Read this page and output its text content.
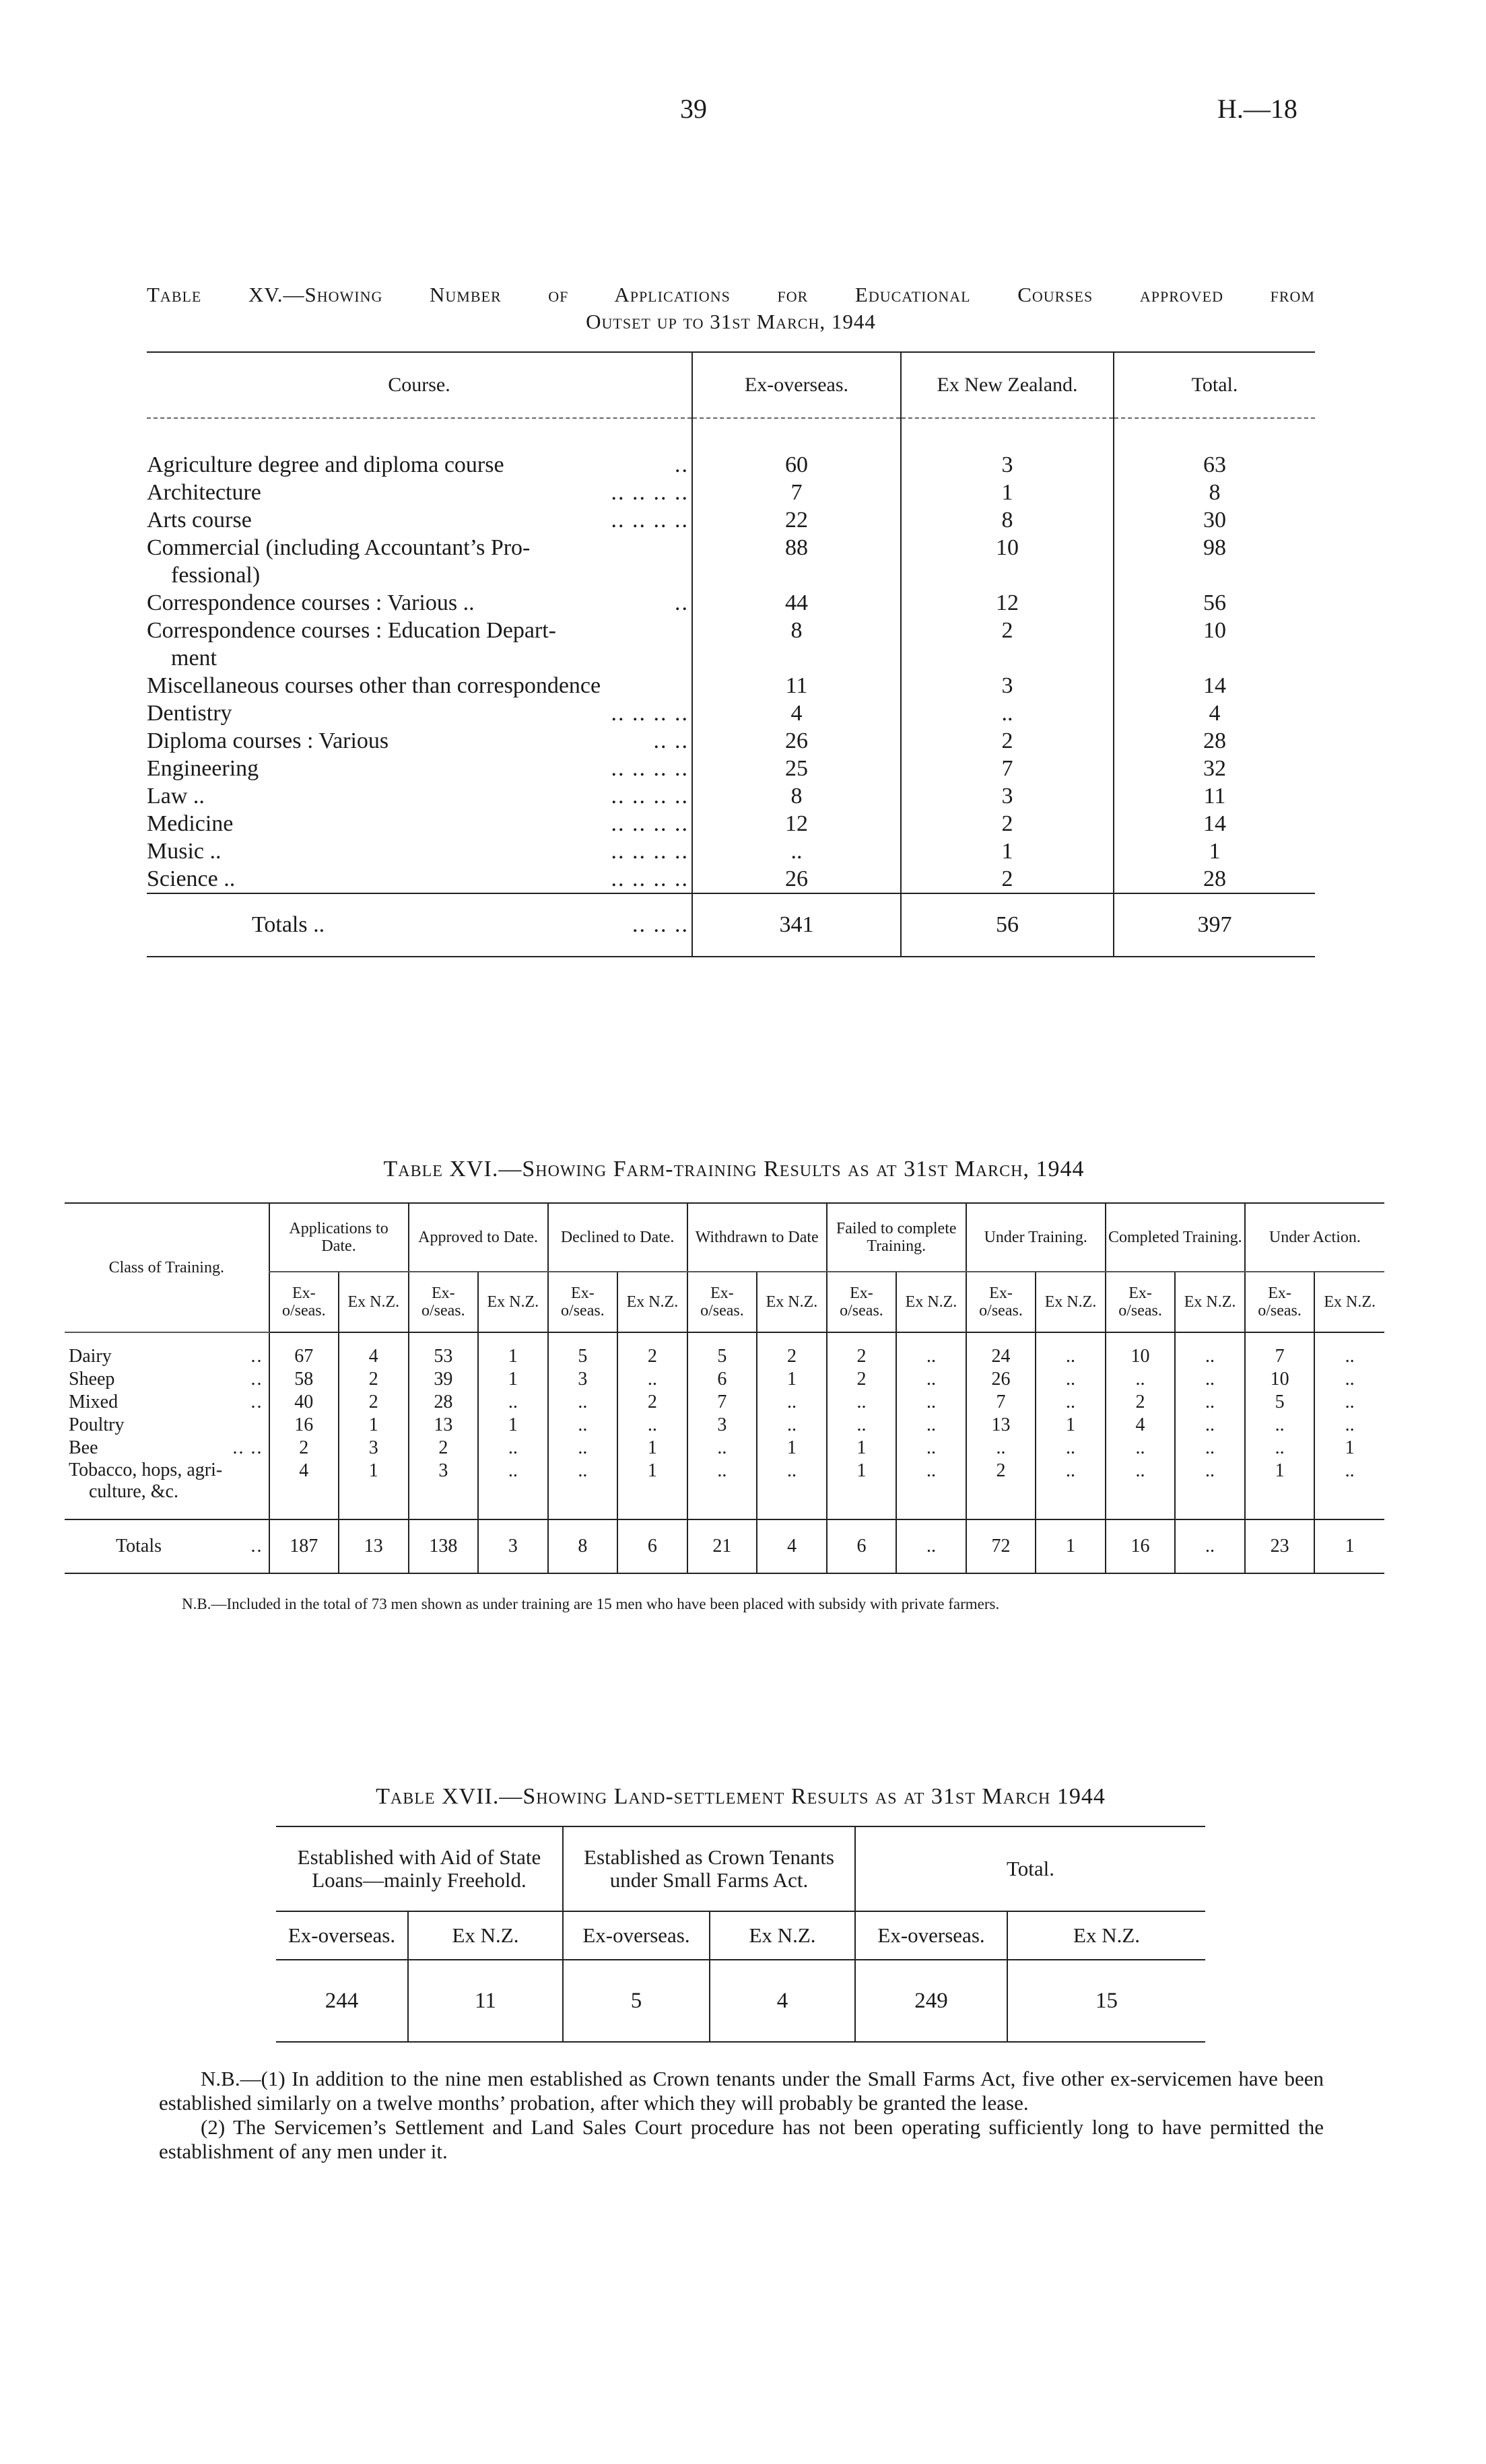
39	H.—18
Table XV.—Showing Number of Applications for Educational Courses approved from
Outset up to 31st March, 1944
Course.	Ex-overseas.	Ex New Zealand.	Total.

..
Agriculture degree and diploma course	60	3	63

.. .. .. ..
Architecture	7	1	8

.. .. .. ..
Arts course	22	8	30
Commercial (including Accountant’s Pro-
fessional)	88	10	98

..
Correspondence courses : Various ..	44	12	56
Correspondence courses : Education Depart-
ment	8	2	10
Miscellaneous courses other than correspondence	11	3	14

.. .. .. ..
Dentistry	4	..	4

.. ..
Diploma courses : Various	26	2	28

.. .. .. ..
Engineering	25	7	32

.. .. .. ..
Law ..	8	3	11

.. .. .. ..
Medicine	12	2	14

.. .. .. ..
Music ..	..	1	1

.. .. .. ..
Science ..	26	2	28

.. .. ..
Totals ..	341	56	397
Table XVI.—Showing Farm-training Results as at 31st March, 1944
Class of Training.	Applications to Date.		Approved to Date.		Declined to Date.		Withdrawn to Date		Failed to complete Training.		Under Training.		Completed Training.		Under Action.	
	Ex-o/seas.	Ex N.Z.	Ex-o/seas.	Ex N.Z.	Ex-o/seas.	Ex N.Z.	Ex-o/seas.	Ex N.Z.	Ex-o/seas.	Ex N.Z.	Ex-o/seas.	Ex N.Z.	Ex-o/seas.	Ex N.Z.	Ex-o/seas.	Ex N.Z.

..
Dairy	67	4	53	1	5	2	5	2	2	..	24	..	10	..	7	..

..
Sheep	58	2	39	1	3	..	6	1	2	..	26	..	..	..	10	..

..
Mixed	40	2	28	..	..	2	7	..	..	..	7	..	2	..	5	..
Poultry	16	1	13	1	..	..	3	..	..	..	13	1	4	..	..	..

.. ..
Bee	2	3	2	..	..	1	..	1	1	..	..	..	..	..	..	1
Tobacco, hops, agri-
culture, &c.	4	1	3	..	..	1	..	..	1	..	2	..	..	..	1	..

..
Totals	187	13	138	3	8	6	21	4	6	..	72	1	16	..	23	1
N.B.—Included in the total of 73 men shown as under training are 15 men who have been placed with subsidy with private farmers.
Table XVII.—Showing Land-settlement Results as at 31st March 1944
Established with Aid of State Loans—mainly Freehold.		Established as Crown Tenants under Small Farms Act.		Total.	
Ex-overseas.	Ex N.Z.	Ex-overseas.	Ex N.Z.	Ex-overseas.	Ex N.Z.
244	11	5	4	249	15

N.B.—(1) In addition to the nine men established as Crown tenants under the Small Farms Act, five other ex-servicemen have been established similarly on a twelve months’ probation, after which they will probably be granted the lease.

(2) The Servicemen’s Settlement and Land Sales Court procedure has not been operating sufficiently long to have permitted the establishment of any men under it.
